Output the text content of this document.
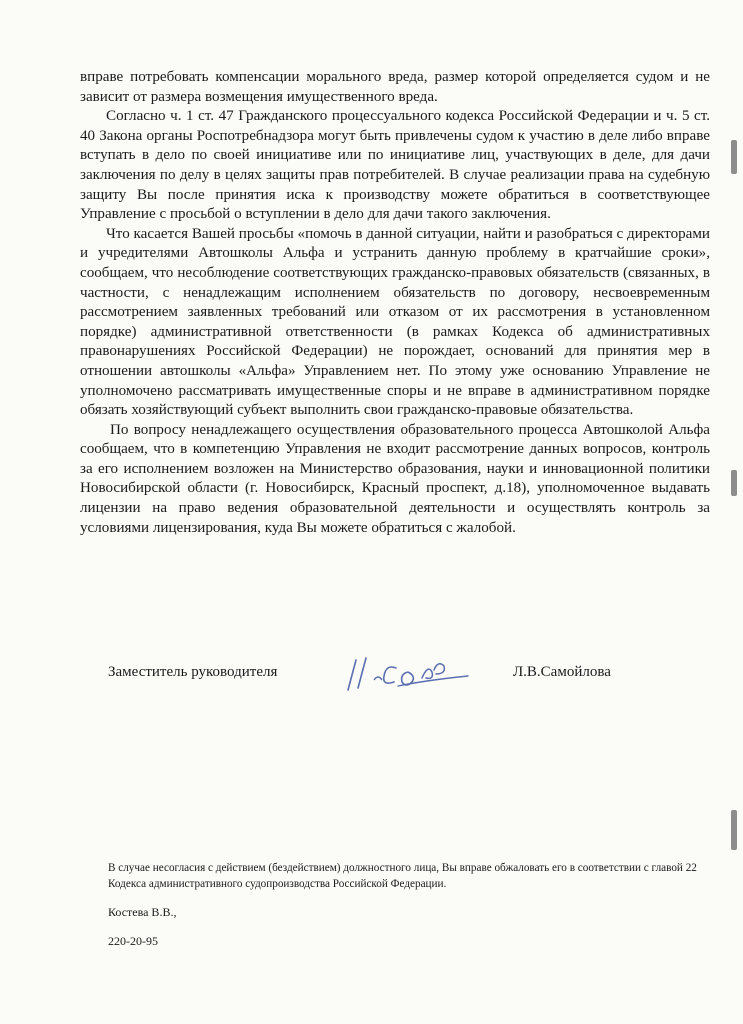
вправе потребовать компенсации морального вреда, размер которой определяется судом и не зависит от размера возмещения имущественного вреда.

Согласно ч. 1 ст. 47 Гражданского процессуального кодекса Российской Федерации и ч. 5 ст. 40 Закона органы Роспотребнадзора могут быть привлечены судом к участию в деле либо вправе вступать в дело по своей инициативе или по инициативе лиц, участвующих в деле, для дачи заключения по делу в целях защиты прав потребителей. В случае реализации права на судебную защиту Вы после принятия иска к производству можете обратиться в соответствующее Управление с просьбой о вступлении в дело для дачи такого заключения.

Что касается Вашей просьбы «помочь в данной ситуации, найти и разобраться с директорами и учредителями Автошколы Альфа и устранить данную проблему в кратчайшие сроки», сообщаем, что несоблюдение соответствующих гражданско-правовых обязательств (связанных, в частности, с ненадлежащим исполнением обязательств по договору, несвоевременным рассмотрением заявленных требований или отказом от их рассмотрения в установленном порядке) административной ответственности (в рамках Кодекса об административных правонарушениях Российской Федерации) не порождает, оснований для принятия мер в отношении автошколы «Альфа» Управлением нет. По этому уже основанию Управление не уполномочено рассматривать имущественные споры и не вправе в административном порядке обязать хозяйствующий субъект выполнить свои гражданско-правовые обязательства.

По вопросу ненадлежащего осуществления образовательного процесса Автошколой Альфа сообщаем, что в компетенцию Управления не входит рассмотрение данных вопросов, контроль за его исполнением возложен на Министерство образования, науки и инновационной политики Новосибирской области (г. Новосибирск, Красный проспект, д.18), уполномоченное выдавать лицензии на право ведения образовательной деятельности и осуществлять контроль за условиями лицензирования, куда Вы можете обратиться с жалобой.

Заместитель руководителя	Л.В.Самойлова
В случае несогласия с действием (бездействием) должностного лица, Вы вправе обжаловать его в соответствии с главой 22 Кодекса административного судопроизводства Российской Федерации.
Костева В.В.,
220-20-95
